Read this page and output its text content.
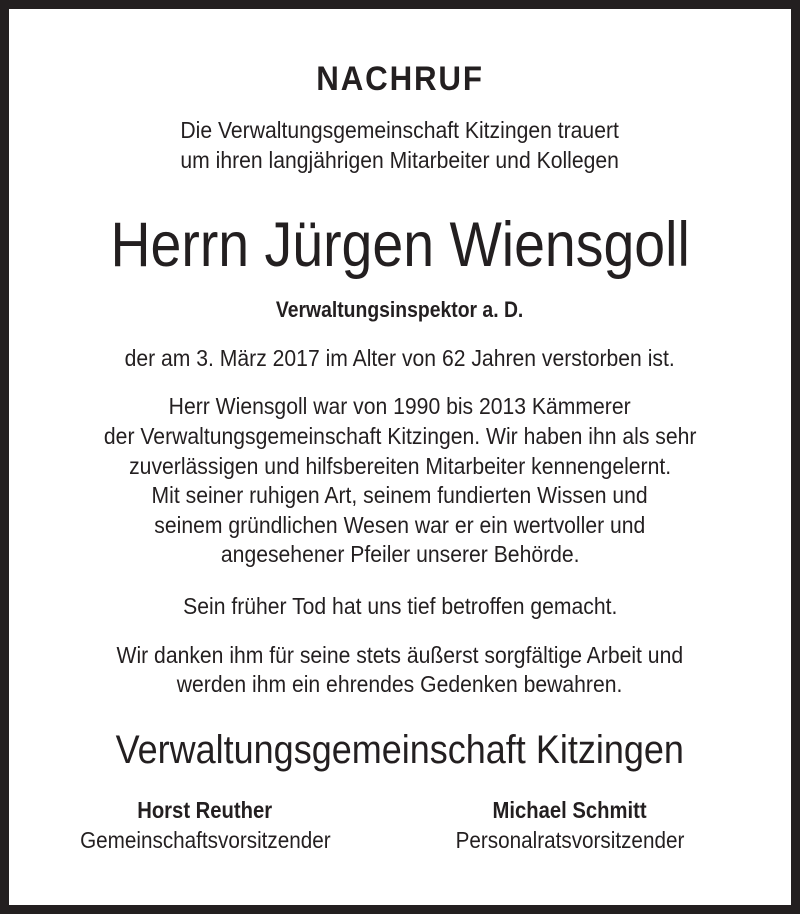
NACHRUF
Die Verwaltungsgemeinschaft Kitzingen trauert
um ihren langjährigen Mitarbeiter und Kollegen
Herrn Jürgen Wiensgoll
Verwaltungsinspektor a. D.
der am 3. März 2017 im Alter von 62 Jahren verstorben ist.
Herr Wiensgoll war von 1990 bis 2013 Kämmerer
der Verwaltungsgemeinschaft Kitzingen. Wir haben ihn als sehr
zuverlässigen und hilfsbereiten Mitarbeiter kennengelernt.
Mit seiner ruhigen Art, seinem fundierten Wissen und
seinem gründlichen Wesen war er ein wertvoller und
angesehener Pfeiler unserer Behörde.
Sein früher Tod hat uns tief betroffen gemacht.
Wir danken ihm für seine stets äußerst sorgfältige Arbeit und
werden ihm ein ehrendes Gedenken bewahren.
Verwaltungsgemeinschaft Kitzingen
Horst Reuther
Gemeinschaftsvorsitzender
Michael Schmitt
Personalratsvorsitzender
